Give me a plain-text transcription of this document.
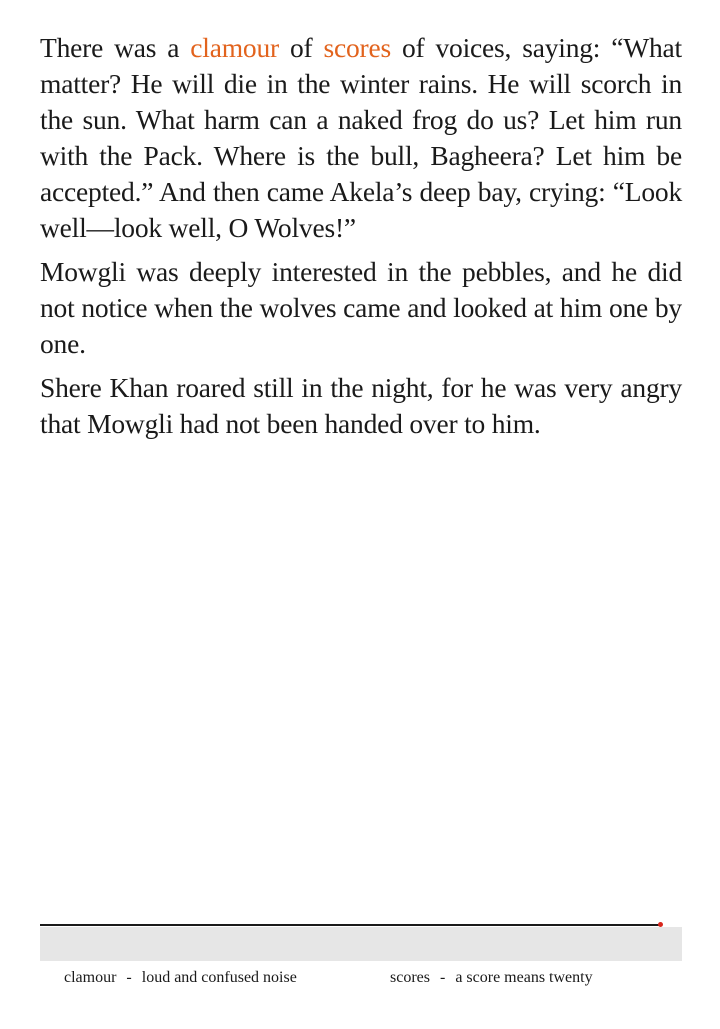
There was a clamour of scores of voices, saying: “What matter? He will die in the winter rains. He will scorch in the sun. What harm can a naked frog do us? Let him run with the Pack. Where is the bull, Bagheera? Let him be accepted.” And then came Akela’s deep bay, crying: “Look well—look well, O Wolves!”

Mowgli was deeply interested in the pebbles, and he did not notice when the wolves came and looked at him one by one.

Shere Khan roared still in the night, for he was very angry that Mowgli had not been handed over to him.

clamour - loud and confused noise
	scores - a score means twenty
